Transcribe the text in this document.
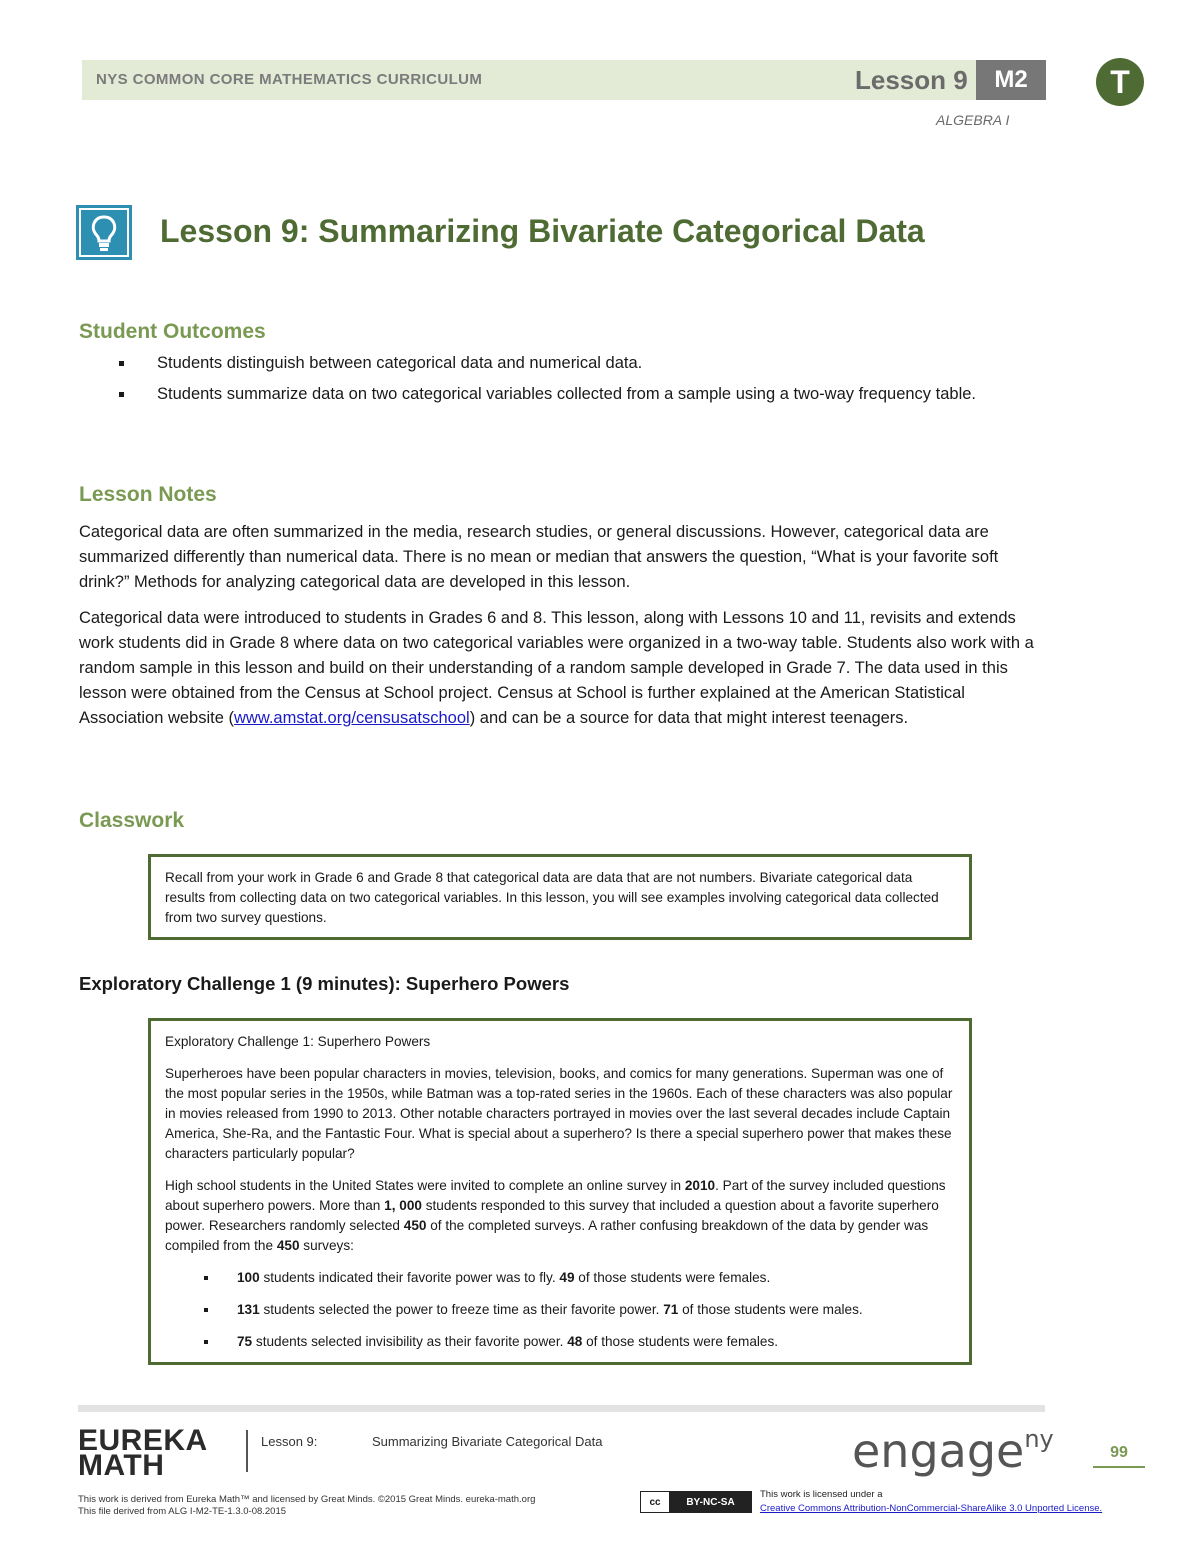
NYS COMMON CORE MATHEMATICS CURRICULUM	Lesson 9	M2	T
ALGEBRA I
Lesson 9: Summarizing Bivariate Categorical Data
Student Outcomes
Students distinguish between categorical data and numerical data.
Students summarize data on two categorical variables collected from a sample using a two-way frequency table.
Lesson Notes

Categorical data are often summarized in the media, research studies, or general discussions. However, categorical data are summarized differently than numerical data. There is no mean or median that answers the question, “What is your favorite soft drink?” Methods for analyzing categorical data are developed in this lesson.

Categorical data were introduced to students in Grades 6 and 8. This lesson, along with Lessons 10 and 11, revisits and extends work students did in Grade 8 where data on two categorical variables were organized in a two-way table. Students also work with a random sample in this lesson and build on their understanding of a random sample developed in Grade 7. The data used in this lesson were obtained from the Census at School project. Census at School is further explained at the American Statistical Association website (www.amstat.org/censusatschool) and can be a source for data that might interest teenagers.

Classwork

Recall from your work in Grade 6 and Grade 8 that categorical data are data that are not numbers. Bivariate categorical data results from collecting data on two categorical variables. In this lesson, you will see examples involving categorical data collected from two survey questions.

Exploratory Challenge 1 (9 minutes): Superhero Powers

Exploratory Challenge 1: Superhero Powers

Superheroes have been popular characters in movies, television, books, and comics for many generations. Superman was one of the most popular series in the 1950s, while Batman was a top-rated series in the 1960s. Each of these characters was also popular in movies released from 1990 to 2013. Other notable characters portrayed in movies over the last several decades include Captain America, She-Ra, and the Fantastic Four. What is special about a superhero? Is there a special superhero power that makes these characters particularly popular?

High school students in the United States were invited to complete an online survey in 2010. Part of the survey included questions about superhero powers. More than 1, 000 students responded to this survey that included a question about a favorite superhero power. Researchers randomly selected 450 of the completed surveys. A rather confusing breakdown of the data by gender was compiled from the 450 surveys:

100 students indicated their favorite power was to fly. 49 of those students were females.
131 students selected the power to freeze time as their favorite power. 71 of those students were males.
75 students selected invisibility as their favorite power. 48 of those students were females.
EUREKA
MATH
Lesson 9:	Summarizing Bivariate Categorical Data	engage$^{ny}$	99
This work is derived from Eureka Math™ and licensed by Great Minds. ©2015 Great Minds. eureka-math.org
This file derived from ALG I-M2-TE-1.3.0-08.2015
cc	BY-NC-SA
This work is licensed under a
Creative Commons Attribution-NonCommercial-ShareAlike 3.0 Unported License.
